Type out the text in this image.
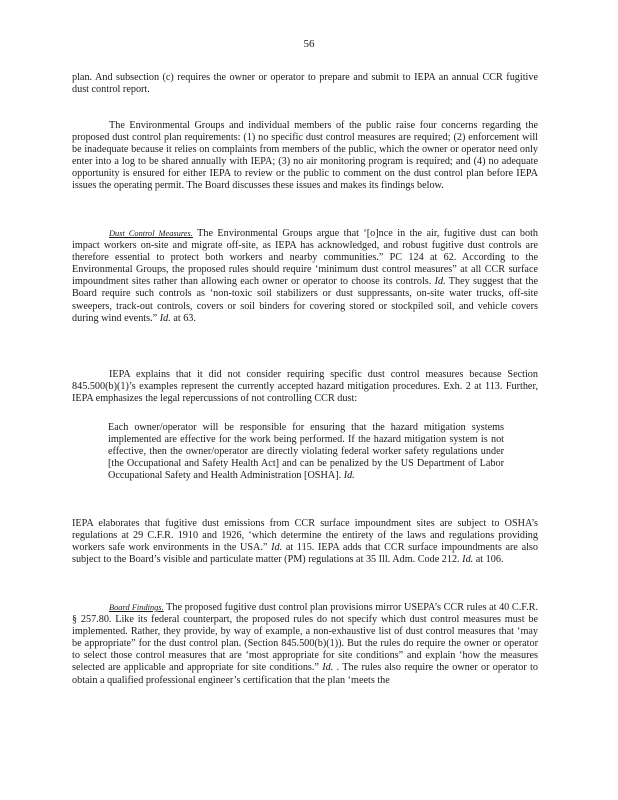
56

plan. And subsection (c) requires the owner or operator to prepare and submit to IEPA an annual CCR fugitive dust control report.

The Environmental Groups and individual members of the public raise four concerns regarding the proposed dust control plan requirements: (1) no specific dust control measures are required; (2) enforcement will be inadequate because it relies on complaints from members of the public, which the owner or operator need only enter into a log to be shared annually with IEPA; (3) no air monitoring program is required; and (4) no adequate opportunity is ensured for either IEPA to review or the public to comment on the dust control plan before IEPA issues the operating permit. The Board discusses these issues and makes its findings below.

Dust Control Measures. The Environmental Groups argue that ‘[o]nce in the air, fugitive dust can both impact workers on-site and migrate off-site, as IEPA has acknowledged, and robust fugitive dust controls are therefore essential to protect both workers and nearby communities.” PC 124 at 62. According to the Environmental Groups, the proposed rules should require ‘minimum dust control measures” at all CCR surface impoundment sites rather than allowing each owner or operator to choose its controls. Id. They suggest that the Board require such controls as ‘non-toxic soil stabilizers or dust suppressants, on-site water trucks, off-site sweepers, track-out controls, covers or soil binders for covering stored or stockpiled soil, and vehicle covers during wind events.” Id. at 63.

IEPA explains that it did not consider requiring specific dust control measures because Section 845.500(b)(1)’s examples represent the currently accepted hazard mitigation procedures. Exh. 2 at 113. Further, IEPA emphasizes the legal repercussions of not controlling CCR dust:

Each owner/operator will be responsible for ensuring that the hazard mitigation systems implemented are effective for the work being performed. If the hazard mitigation system is not effective, then the owner/operator are directly violating federal worker safety regulations under [the Occupational and Safety Health Act] and can be penalized by the US Department of Labor Occupational Safety and Health Administration [OSHA]. Id.

IEPA elaborates that fugitive dust emissions from CCR surface impoundment sites are subject to OSHA’s regulations at 29 C.F.R. 1910 and 1926, ‘which determine the entirety of the laws and regulations providing workers safe work environments in the USA.” Id. at 115. IEPA adds that CCR surface impoundments are also subject to the Board’s visible and particulate matter (PM) regulations at 35 Ill. Adm. Code 212. Id. at 106.

Board Findings. The proposed fugitive dust control plan provisions mirror USEPA’s CCR rules at 40 C.F.R. § 257.80. Like its federal counterpart, the proposed rules do not specify which dust control measures must be implemented. Rather, they provide, by way of example, a non-exhaustive list of dust control measures that ‘may be appropriate” for the dust control plan. (Section 845.500(b)(1)). But the rules do require the owner or operator to select those control measures that are ‘most appropriate for site conditions” and explain ‘how the measures selected are applicable and appropriate for site conditions.” Id. . The rules also require the owner or operator to obtain a qualified professional engineer’s certification that the plan ‘meets the
